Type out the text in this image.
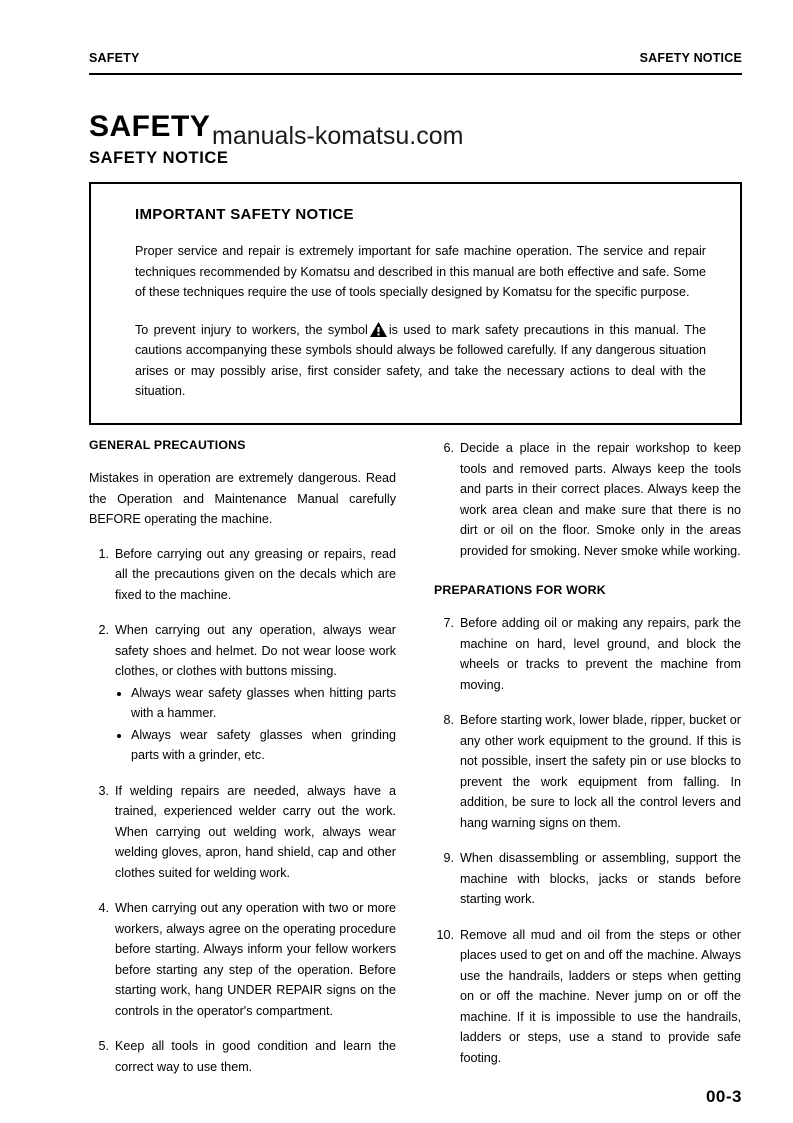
SAFETY	SAFETY NOTICE
SAFETY
SAFETY NOTICE
manuals-komatsu.com
IMPORTANT SAFETY NOTICE

Proper service and repair is extremely important for safe machine operation. The service and repair techniques recommended by Komatsu and described in this manual are both effective and safe. Some of these techniques require the use of tools specially designed by Komatsu for the specific purpose.

To prevent injury to workers, the symbol is used to mark safety precautions in this manual. The cautions accompanying these symbols should always be followed carefully. If any dangerous situation arises or may possibly arise, first consider safety, and take the necessary actions to deal with the situation.

GENERAL PRECAUTIONS

Mistakes in operation are extremely dangerous. Read the Operation and Maintenance Manual carefully BEFORE operating the machine.

1. Before carrying out any greasing or repairs, read all the precautions given on the decals which are fixed to the machine.
2. When carrying out any operation, always wear safety shoes and helmet. Do not wear loose work clothes, or clothes with buttons missing.
Always wear safety glasses when hitting parts with a hammer.
Always wear safety glasses when grinding parts with a grinder, etc.
3. If welding repairs are needed, always have a trained, experienced welder carry out the work. When carrying out welding work, always wear welding gloves, apron, hand shield, cap and other clothes suited for welding work.
4. When carrying out any operation with two or more workers, always agree on the operating procedure before starting. Always inform your fellow workers before starting any step of the operation. Before starting work, hang UNDER REPAIR signs on the controls in the operator's compartment.
5. Keep all tools in good condition and learn the correct way to use them.
6. Decide a place in the repair workshop to keep tools and removed parts. Always keep the tools and parts in their correct places. Always keep the work area clean and make sure that there is no dirt or oil on the floor. Smoke only in the areas provided for smoking. Never smoke while working.
PREPARATIONS FOR WORK
7. Before adding oil or making any repairs, park the machine on hard, level ground, and block the wheels or tracks to prevent the machine from moving.
8. Before starting work, lower blade, ripper, bucket or any other work equipment to the ground. If this is not possible, insert the safety pin or use blocks to prevent the work equipment from falling. In addition, be sure to lock all the control levers and hang warning signs on them.
9. When disassembling or assembling, support the machine with blocks, jacks or stands before starting work.
10. Remove all mud and oil from the steps or other places used to get on and off the machine. Always use the handrails, ladders or steps when getting on or off the machine. Never jump on or off the machine. If it is impossible to use the handrails, ladders or steps, use a stand to provide safe footing.
00-3
